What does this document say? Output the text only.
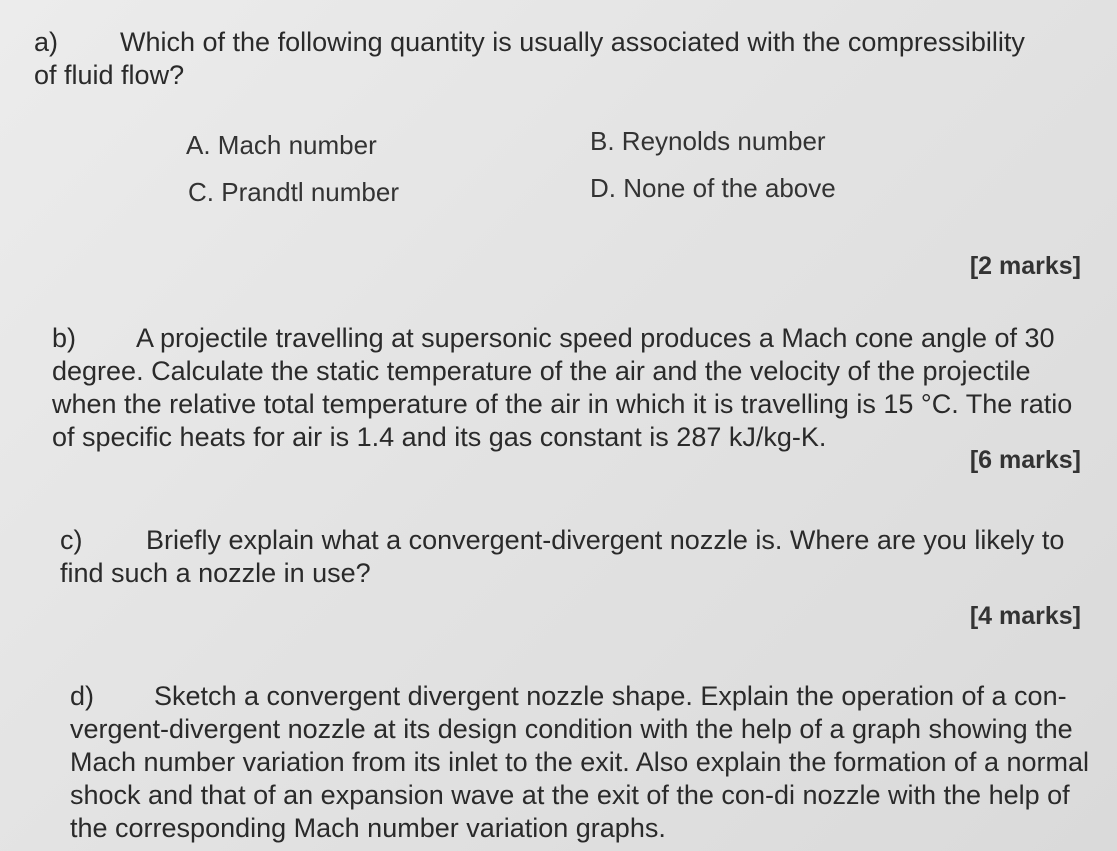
a) Which of the following quantity is usually associated with the compressibility
of fluid flow?
A. Mach number	B. Reynolds number
C. Prandtl number	D. None of the above
[2 marks]
b) A projectile travelling at supersonic speed produces a Mach cone angle of 30
degree. Calculate the static temperature of the air and the velocity of the projectile
when the relative total temperature of the air in which it is travelling is 15 °C. The ratio
of specific heats for air is 1.4 and its gas constant is 287 kJ/kg-K.
[6 marks]
c) Briefly explain what a convergent-divergent nozzle is. Where are you likely to
find such a nozzle in use?
[4 marks]
d) Sketch a convergent divergent nozzle shape. Explain the operation of a con-
vergent-divergent nozzle at its design condition with the help of a graph showing the
Mach number variation from its inlet to the exit. Also explain the formation of a normal
shock and that of an expansion wave at the exit of the con-di nozzle with the help of
the corresponding Mach number variation graphs.
